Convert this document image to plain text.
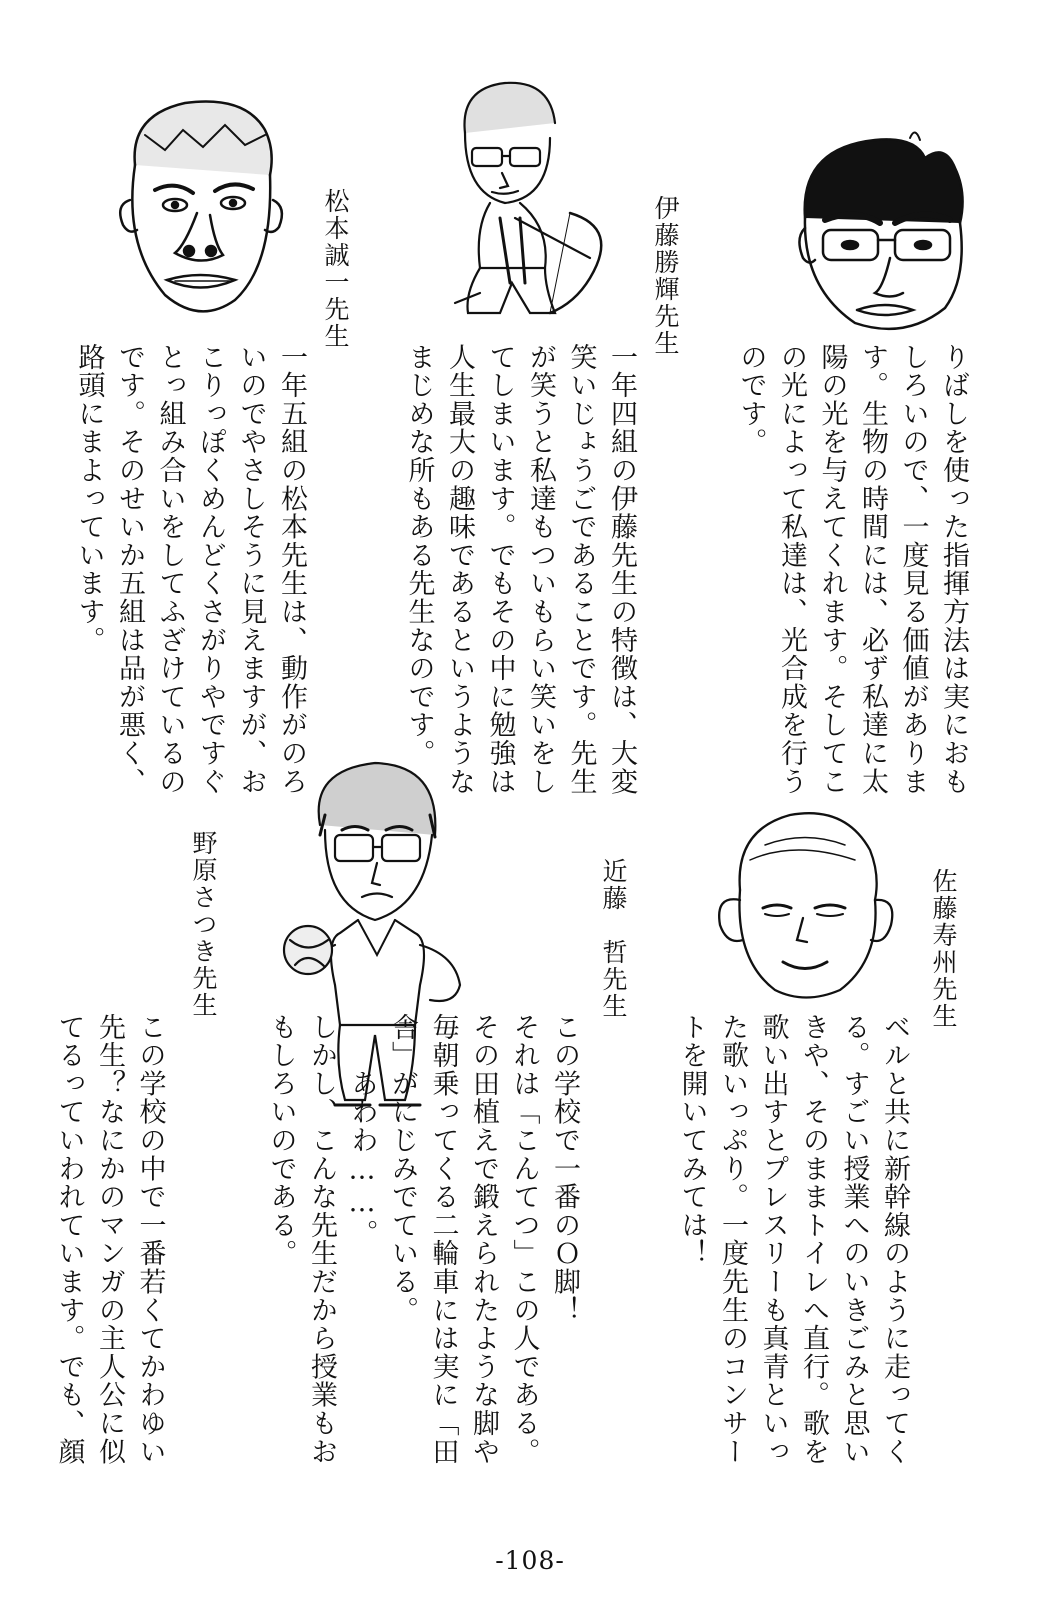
りばしを使った指揮方法は実におも
しろいので、一度見る価値がありま
す。生物の時間には、必ず私達に太
陽の光を与えてくれます。そしてこ
の光によって私達は、光合成を行う
のです。
伊藤勝輝先生
一年四組の伊藤先生の特徴は、大変
笑いじょうごであることです。先生
が笑うと私達もついもらい笑いをし
てしまいます。でもその中に勉強は
人生最大の趣味であるというような
まじめな所もある先生なのです。
松本誠一先生
一年五組の松本先生は、動作がのろ
いのでやさしそうに見えますが、お
こりっぽくめんどくさがりやですぐ
とっ組み合いをしてふざけているの
です。そのせいか五組は品が悪く、
路頭にまよっています。
佐藤寿州先生
ベルと共に新幹線のように走ってく
る。すごい授業へのいきごみと思い
きや、そのままトイレへ直行。歌を
歌い出すとプレスリーも真青といっ
た歌いっぷり。一度先生のコンサー
トを開いてみては！
近藤　哲先生
この学校で一番のＯ脚！
それは「こんてつ」この人である。
その田植えで鍛えられたような脚や
毎朝乗ってくる二輪車には実に「田
舎」がにじみでている。
　　あわわ……。
しかし、こんな先生だから授業もお
もしろいのである。
野原さつき先生
この学校の中で一番若くてかわゆい
先生？なにかのマンガの主人公に似
てるっていわれています。でも、顔
-108-
